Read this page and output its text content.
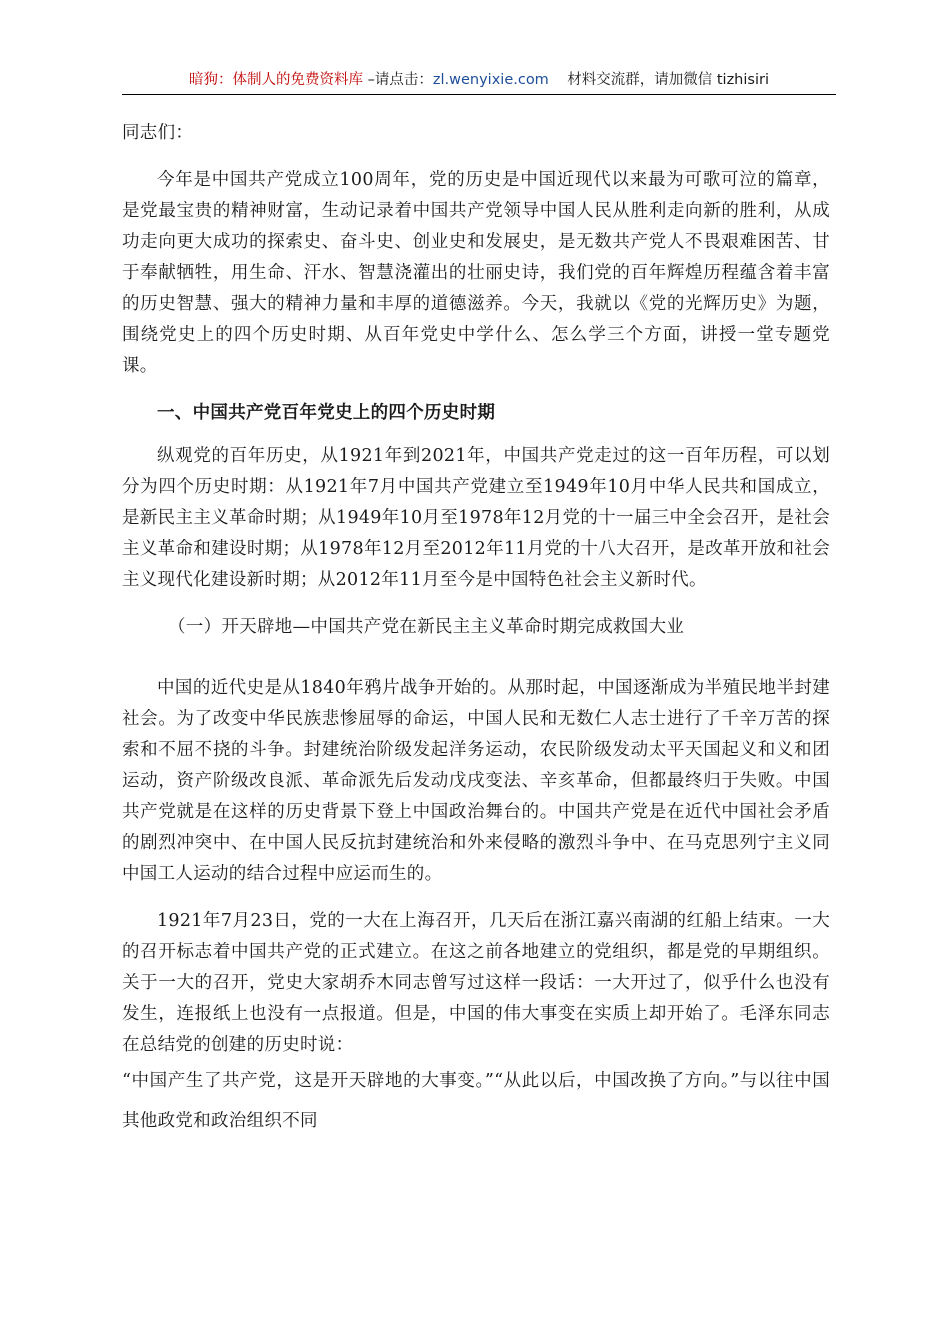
暗狗：体制人的免费资料库 –请点击：zl.wenyixie.com 材料交流群，请加微信 tizhisiri

同志们：

今年是中国共产党成立100周年，党的历史是中国近现代以来最为可歌可泣的篇章，是党最宝贵的精神财富，生动记录着中国共产党领导中国人民从胜利走向新的胜利，从成功走向更大成功的探索史、奋斗史、创业史和发展史，是无数共产党人不畏艰难困苦、甘于奉献牺牲，用生命、汗水、智慧浇灌出的壮丽史诗，我们党的百年辉煌历程蕴含着丰富的历史智慧、强大的精神力量和丰厚的道德滋养。今天，我就以《党的光辉历史》为题，围绕党史上的四个历史时期、从百年党史中学什么、怎么学三个方面，讲授一堂专题党课。

一、中国共产党百年党史上的四个历史时期

纵观党的百年历史，从1921年到2021年，中国共产党走过的这一百年历程，可以划分为四个历史时期：从1921年7月中国共产党建立至1949年10月中华人民共和国成立，是新民主主义革命时期；从1949年10月至1978年12月党的十一届三中全会召开，是社会主义革命和建设时期；从1978年12月至2012年11月党的十八大召开，是改革开放和社会主义现代化建设新时期；从2012年11月至今是中国特色社会主义新时代。

（一）开天辟地—中国共产党在新民主主义革命时期完成救国大业

中国的近代史是从1840年鸦片战争开始的。从那时起，中国逐渐成为半殖民地半封建社会。为了改变中华民族悲惨屈辱的命运，中国人民和无数仁人志士进行了千辛万苦的探索和不屈不挠的斗争。封建统治阶级发起洋务运动，农民阶级发动太平天国起义和义和团运动，资产阶级改良派、革命派先后发动戊戌变法、辛亥革命，但都最终归于失败。中国共产党就是在这样的历史背景下登上中国政治舞台的。中国共产党是在近代中国社会矛盾的剧烈冲突中、在中国人民反抗封建统治和外来侵略的激烈斗争中、在马克思列宁主义同中国工人运动的结合过程中应运而生的。

1921年7月23日，党的一大在上海召开，几天后在浙江嘉兴南湖的红船上结束。一大的召开标志着中国共产党的正式建立。在这之前各地建立的党组织，都是党的早期组织。关于一大的召开，党史大家胡乔木同志曾写过这样一段话：一大开过了，似乎什么也没有发生，连报纸上也没有一点报道。但是，中国的伟大事变在实质上却开始了。毛泽东同志在总结党的创建的历史时说：

“中国产生了共产党，这是开天辟地的大事变。”“从此以后，中国改换了方向。”与以往中国其他政党和政治组织不同
